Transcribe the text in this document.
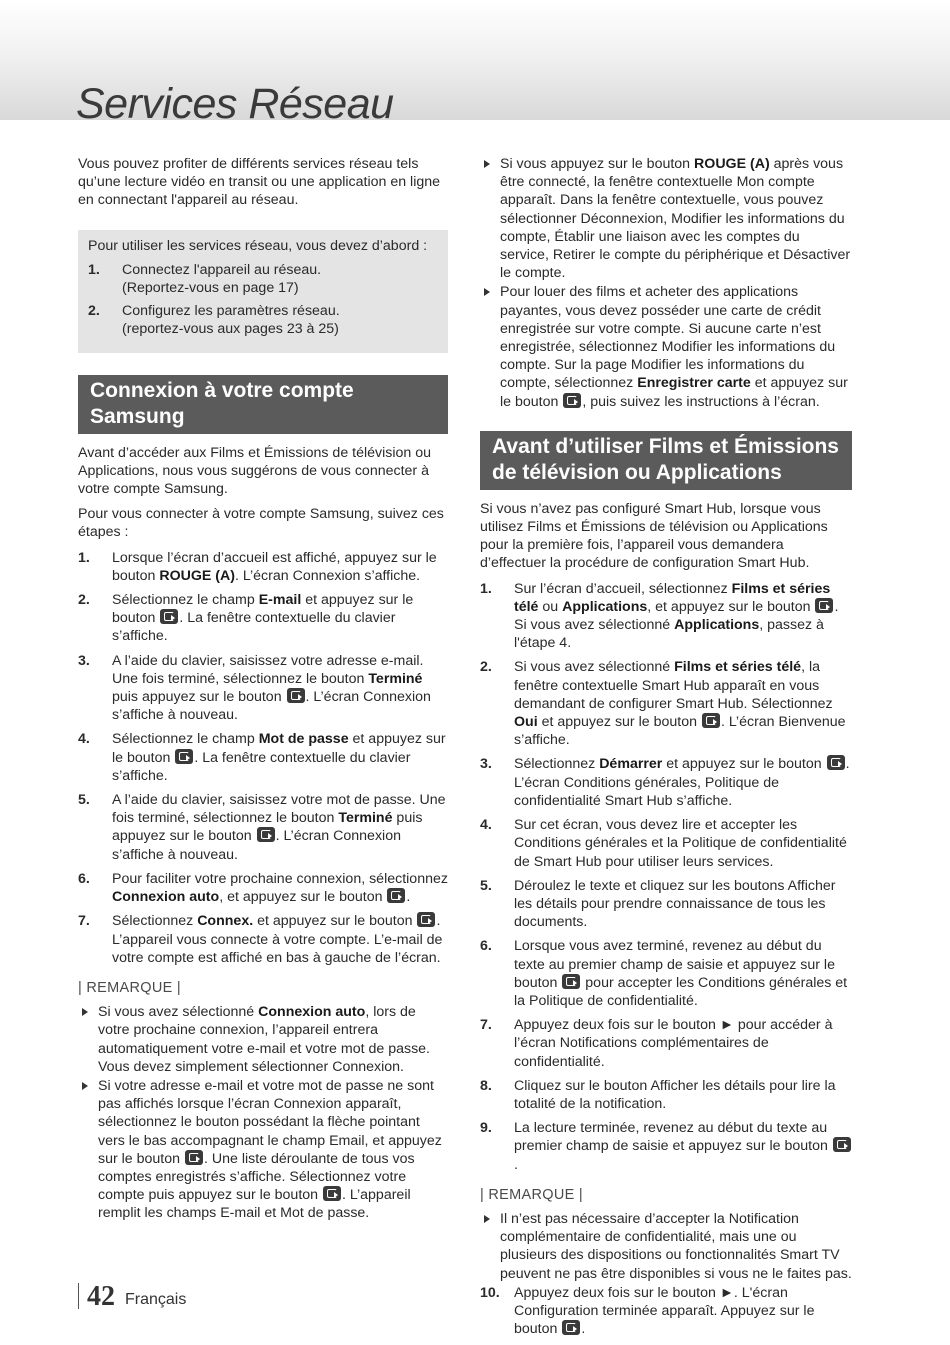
Services Réseau

Vous pouvez profiter de différents services réseau tels qu’une lecture vidéo en transit ou une application en ligne en connectant l'appareil au réseau.

Pour utiliser les services réseau, vous devez d’abord :
1. Connectez l'appareil au réseau.
(Reportez-vous en page 17)
2. Configurez les paramètres réseau.
(reportez-vous aux pages 23 à 25)
Connexion à votre compte Samsung

Avant d’accéder aux Films et Émissions de télévision ou Applications, nous vous suggérons de vous connecter à votre compte Samsung.

Pour vous connecter à votre compte Samsung, suivez ces étapes :

1. Lorsque l’écran d’accueil est affiché, appuyez sur le bouton ROUGE (A). L’écran Connexion s’affiche.
2. Sélectionnez le champ E-mail et appuyez sur le bouton . La fenêtre contextuelle du clavier s’affiche.
3. A l’aide du clavier, saisissez votre adresse e-mail. Une fois terminé, sélectionnez le bouton Terminé puis appuyez sur le bouton . L’écran Connexion s’affiche à nouveau.
4. Sélectionnez le champ Mot de passe et appuyez sur le bouton . La fenêtre contextuelle du clavier s’affiche.
5. A l’aide du clavier, saisissez votre mot de passe. Une fois terminé, sélectionnez le bouton Terminé puis appuyez sur le bouton . L’écran Connexion s’affiche à nouveau.
6. Pour faciliter votre prochaine connexion, sélectionnez Connexion auto, et appuyez sur le bouton .
7. Sélectionnez Connex. et appuyez sur le bouton . L’appareil vous connecte à votre compte. L’e-mail de votre compte est affiché en bas à gauche de l’écran.
| REMARQUE |
Si vous avez sélectionné Connexion auto, lors de votre prochaine connexion, l’appareil entrera automatiquement votre e-mail et votre mot de passe. Vous devez simplement sélectionner Connexion.
Si votre adresse e-mail et votre mot de passe ne sont pas affichés lorsque l’écran Connexion apparaît, sélectionnez le bouton possédant la flèche pointant vers le bas accompagnant le champ Email, et appuyez sur le bouton . Une liste déroulante de tous vos comptes enregistrés s’affiche. Sélectionnez votre compte puis appuyez sur le bouton . L’appareil remplit les champs E-mail et Mot de passe.
Si vous appuyez sur le bouton ROUGE (A) après vous être connecté, la fenêtre contextuelle Mon compte apparaît. Dans la fenêtre contextuelle, vous pouvez sélectionner Déconnexion, Modifier les informations du compte, Établir une liaison avec les comptes du service, Retirer le compte du périphérique et Désactiver le compte.
Pour louer des films et acheter des applications payantes, vous devez posséder une carte de crédit enregistrée sur votre compte. Si aucune carte n’est enregistrée, sélectionnez Modifier les informations du compte. Sur la page Modifier les informations du compte, sélectionnez Enregistrer carte et appuyez sur le bouton , puis suivez les instructions à l’écran.
Avant d’utiliser Films et Émissions de télévision ou Applications

Si vous n’avez pas configuré Smart Hub, lorsque vous utilisez Films et Émissions de télévision ou Applications pour la première fois, l’appareil vous demandera d’effectuer la procédure de configuration Smart Hub.

1. Sur l’écran d’accueil, sélectionnez Films et séries télé ou Applications, et appuyez sur le bouton . Si vous avez sélectionné Applications, passez à l'étape 4.
2. Si vous avez sélectionné Films et séries télé, la fenêtre contextuelle Smart Hub apparaît en vous demandant de configurer Smart Hub. Sélectionnez Oui et appuyez sur le bouton . L’écran Bienvenue s’affiche.
3. Sélectionnez Démarrer et appuyez sur le bouton . L’écran Conditions générales, Politique de confidentialité Smart Hub s’affiche.
4. Sur cet écran, vous devez lire et accepter les Conditions générales et la Politique de confidentialité de Smart Hub pour utiliser leurs services.
5. Déroulez le texte et cliquez sur les boutons Afficher les détails pour prendre connaissance de tous les documents.
6. Lorsque vous avez terminé, revenez au début du texte au premier champ de saisie et appuyez sur le bouton  pour accepter les Conditions générales et la Politique de confidentialité.
7. Appuyez deux fois sur le bouton ► pour accéder à l’écran Notifications complémentaires de confidentialité.
8. Cliquez sur le bouton Afficher les détails pour lire la totalité de la notification.
9. La lecture terminée, revenez au début du texte au premier champ de saisie et appuyez sur le bouton .
| REMARQUE |
Il n’est pas nécessaire d’accepter la Notification complémentaire de confidentialité, mais une ou plusieurs des dispositions ou fonctionnalités Smart TV peuvent ne pas être disponibles si vous ne le faites pas.
10. Appuyez deux fois sur le bouton ►. L'écran Configuration terminée apparaît. Appuyez sur le bouton .
42 Français
